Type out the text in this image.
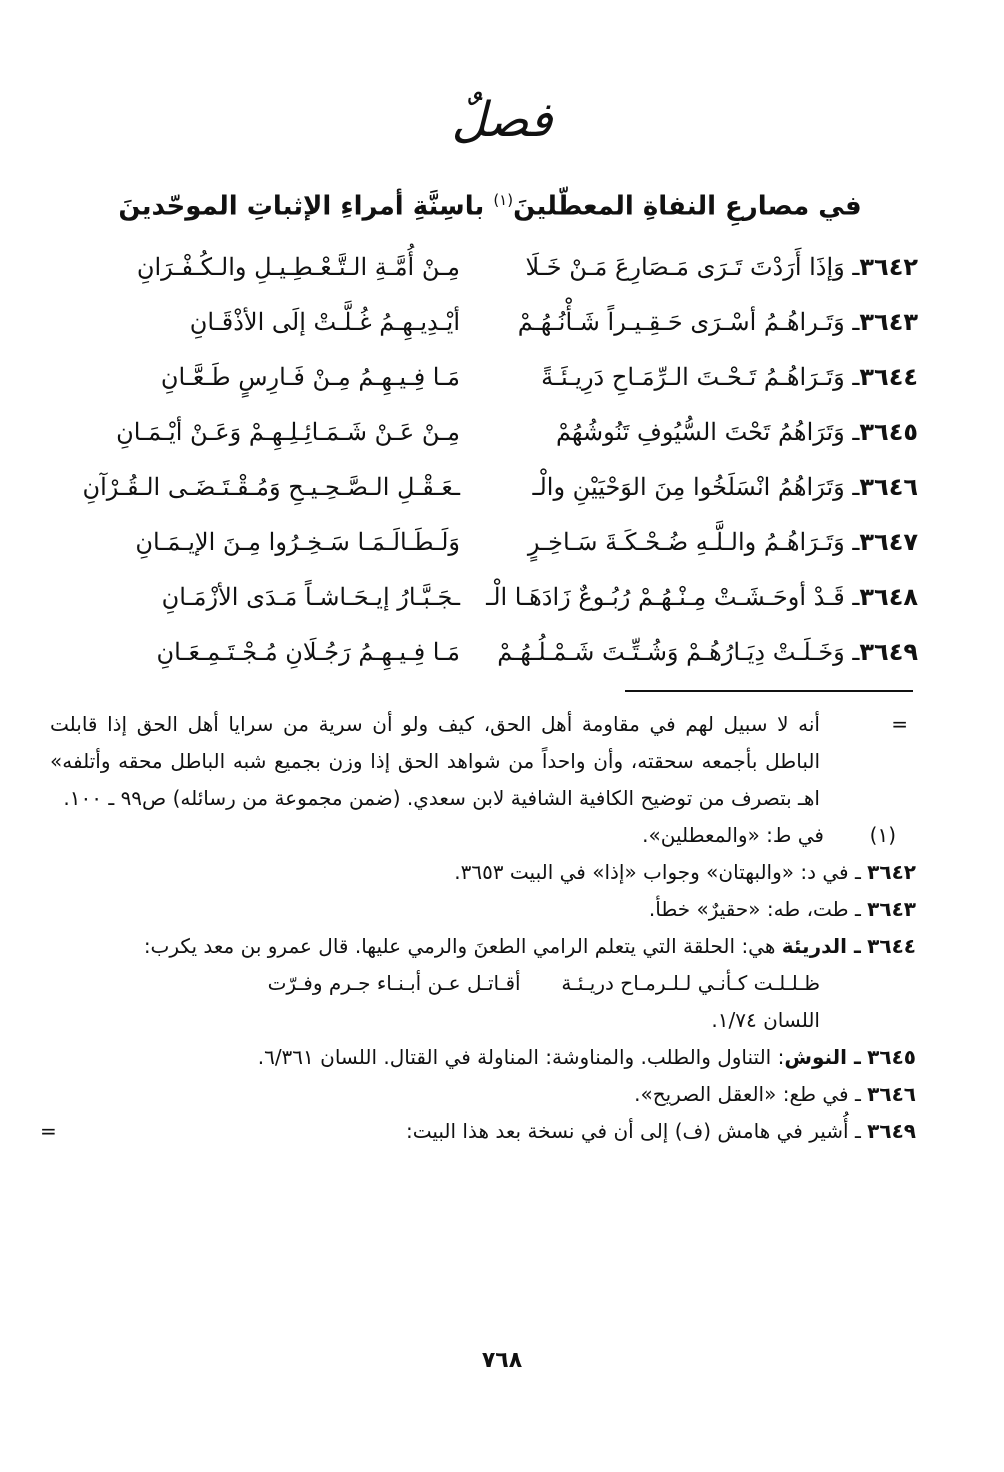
فصلٌ
في مصارعِ النفاةِ المعطّلينَ$^{(١)}$ باسِنَّةِ أمراءِ الإثباتِ الموحّدينَ
٣٦٤٢ـ وَإذَا أَرَدْتَ تَـرَى مَـصَارِعَ مَـنْ خَـلَا
مِـنْ أُمَّـةِ الـتَّـعْـطِـيـلِ والـكُـفْـرَانِ
٣٦٤٣ـ وَتَـراهُـمُ أسْـرَى حَـقِـيـراً شَـأْنُـهُـمْ
أيْـدِيـهِـمُ غُـلَّـتْ إلَى الأذْقَـانِ
٣٦٤٤ـ وَتَـرَاهُـمُ تَـحْـتَ الـرِّمَـاحِ دَرِيـئَـةً
مَـا فِـيـهِـمُ مِـنْ فَـارِسٍ طَـعَّـانِ
٣٦٤٥ـ وَتَرَاهُمُ تَحْتَ السُّيُوفِ تَنُوشُهُمْ
مِـنْ عَـنْ شَـمَـائِـلِـهِـمْ وَعَـنْ أيْـمَـانِ
٣٦٤٦ـ وَتَرَاهُمُ انْسَلَخُوا مِنَ الوَحْيَيْنِ والْـ
ـعَـقْـلِ الـصَّـحِـيـحِ وَمُـقْـتَـضَـى الـقُـرْآنِ
٣٦٤٧ـ وَتَـرَاهُـمُ والـلَّـهِ ضُـحْـكَـةَ سَـاخِـرٍ
وَلَـطَـالَـمَـا سَـخِـرُوا مِـنَ الإيـمَـانِ
٣٦٤٨ـ قَـدْ أوحَـشَـتْ مِـنْـهُـمْ رُبُـوعٌ زَادَهَـا الْـ
ـجَـبَّـارُ إيـحَـاشـاً مَـدَى الأزْمَـانِ
٣٦٤٩ـ وَخَـلَـتْ دِيَـارُهُـمْ وَشُـتِّـتَ شَـمْـلُـهُـمْ
مَـا فِـيـهِـمُ رَجُـلَانِ مُـجْـتَـمِـعَـانِ
=
أنه لا سبيل لهم في مقاومة أهل الحق، كيف ولو أن سرية من سرايا أهل الحق إذا قابلت الباطل بأجمعه سحقته، وأن واحداً من شواهد الحق إذا وزن بجميع شبه الباطل محقه وأتلفه» اهـ بتصرف من توضيح الكافية الشافية لابن سعدي. (ضمن مجموعة من رسائله) ص٩٩ ـ ١٠٠.
(١)في ط: «والمعطلين».
٣٦٤٢ ـ في د: «والبهتان» وجواب «إذا» في البيت ٣٦٥٣.
٣٦٤٣ ـ طت، طه: «حقيرٌ» خطأ.
٣٦٤٤ ـ الدريئة هي: الحلقة التي يتعلم الرامي الطعنَ والرمي عليها. قال عمرو بن معد يكرب:
ظـلـلـت كـأنـي لـلـرمـاح دريـئـة  أقـاتـل عـن أبـنـاء جـرم وفـرّت
اللسان ١/٧٤.
٣٦٤٥ ـ النوش: التناول والطلب. والمناوشة: المناولة في القتال. اللسان ٦/٣٦١.
٣٦٤٦ ـ في طع: «العقل الصريح».
٣٦٤٩ ـ أُشير في هامش (ف) إلى أن في نسخة بعد هذا البيت:
=
٧٦٨
